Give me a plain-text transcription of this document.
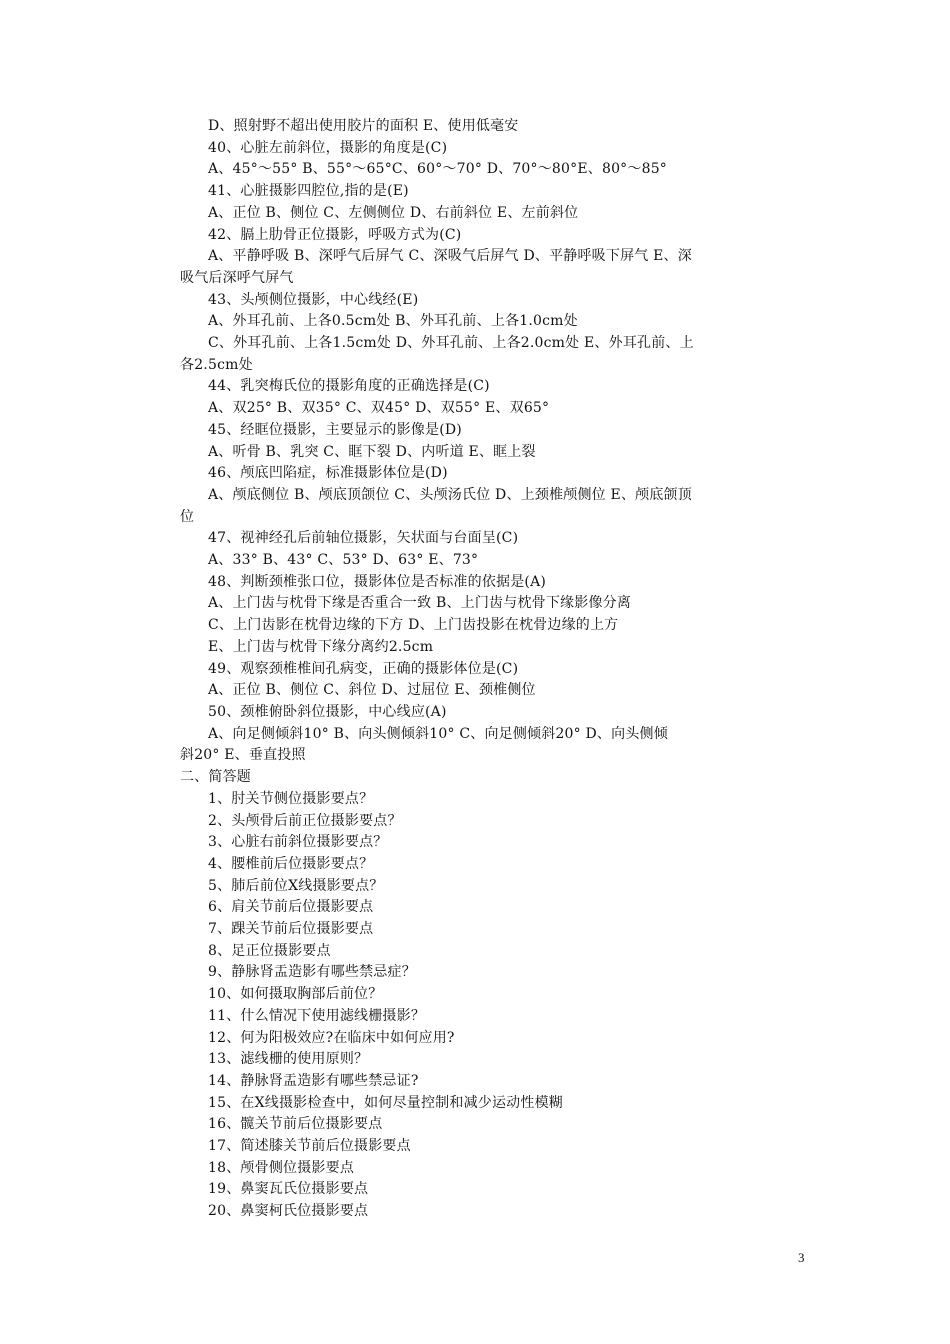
D、照射野不超出使用胶片的面积 E、使用低毫安
40、心脏左前斜位，摄影的角度是(C)
A、45°～55° B、55°～65°C、60°～70° D、70°～80°E、80°～85°
41、心脏摄影四腔位,指的是(E)
A、正位 B、侧位 C、左侧侧位 D、右前斜位 E、左前斜位
42、膈上肋骨正位摄影，呼吸方式为(C)
A、平静呼吸 B、深呼气后屏气 C、深吸气后屏气 D、平静呼吸下屏气 E、深
吸气后深呼气屏气
43、头颅侧位摄影，中心线经(E)
A、外耳孔前、上各0.5cm处 B、外耳孔前、上各1.0cm处
C、外耳孔前、上各1.5cm处 D、外耳孔前、上各2.0cm处 E、外耳孔前、上
各2.5cm处
44、乳突梅氏位的摄影角度的正确选择是(C)
A、双25° B、双35° C、双45° D、双55° E、双65°
45、经眶位摄影，主要显示的影像是(D)
A、听骨 B、乳突 C、眶下裂 D、内听道 E、眶上裂
46、颅底凹陷症，标准摄影体位是(D)
A、颅底侧位 B、颅底顶颌位 C、头颅汤氏位 D、上颈椎颅侧位 E、颅底颌顶
位
47、视神经孔后前轴位摄影，矢状面与台面呈(C)
A、33° B、43° C、53° D、63° E、73°
48、判断颈椎张口位，摄影体位是否标准的依据是(A)
A、上门齿与枕骨下缘是否重合一致 B、上门齿与枕骨下缘影像分离
C、上门齿影在枕骨边缘的下方 D、上门齿投影在枕骨边缘的上方
E、上门齿与枕骨下缘分离约2.5cm
49、观察颈椎椎间孔病变，正确的摄影体位是(C)
A、正位 B、侧位 C、斜位 D、过屈位 E、颈椎侧位
50、颈椎俯卧斜位摄影，中心线应(A)
A、向足侧倾斜10° B、向头侧倾斜10° C、向足侧倾斜20° D、向头侧倾
斜20° E、垂直投照
二、简答题
1、肘关节侧位摄影要点？
2、头颅骨后前正位摄影要点？
3、心脏右前斜位摄影要点？
4、腰椎前后位摄影要点？
5、肺后前位X线摄影要点？
6、肩关节前后位摄影要点
7、踝关节前后位摄影要点
8、足正位摄影要点
9、静脉肾盂造影有哪些禁忌症？
10、如何摄取胸部后前位？
11、什么情况下使用滤线栅摄影？
12、何为阳极效应?在临床中如何应用?
13、滤线栅的使用原则？
14、静脉肾盂造影有哪些禁忌证?
15、在X线摄影检查中，如何尽量控制和减少运动性模糊
16、髋关节前后位摄影要点
17、简述膝关节前后位摄影要点
18、颅骨侧位摄影要点
19、鼻窦瓦氏位摄影要点
20、鼻窦柯氏位摄影要点
3
